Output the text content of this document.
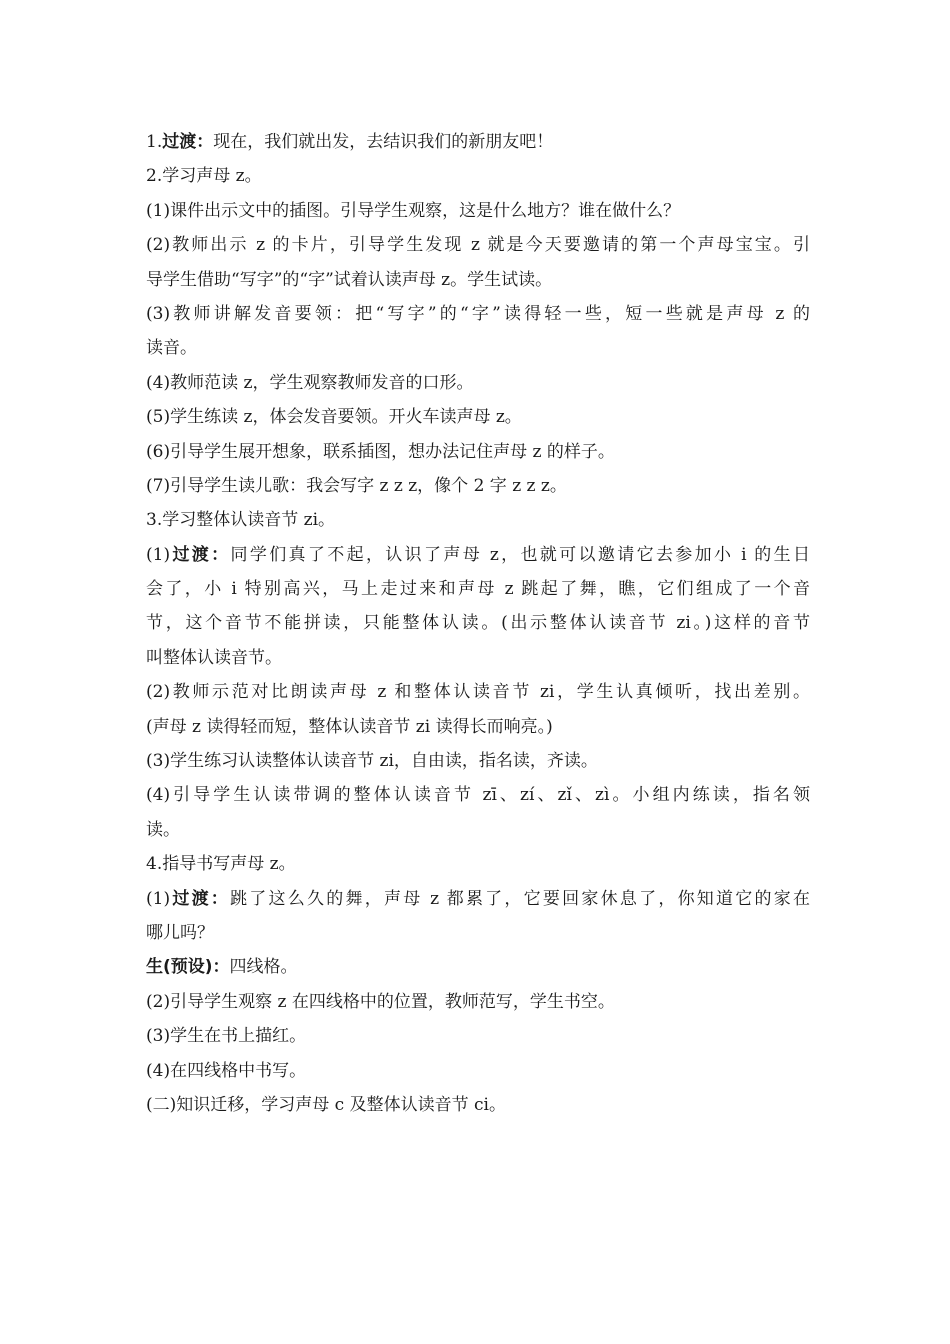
1.过渡：现在，我们就出发，去结识我们的新朋友吧！
2.学习声母 z。
(1)课件出示文中的插图。引导学生观察，这是什么地方？谁在做什么？
(2)教师出示 z 的卡片，引导学生发现 z 就是今天要邀请的第一个声母宝宝。引
导学生借助“写字”的“字”试着认读声母 z。学生试读。
(3)教师讲解发音要领：把“写字”的“字”读得轻一些，短一些就是声母 z 的
读音。
(4)教师范读 z，学生观察教师发音的口形。
(5)学生练读 z，体会发音要领。开火车读声母 z。
(6)引导学生展开想象，联系插图，想办法记住声母 z 的样子。
(7)引导学生读儿歌：我会写字 z z z，像个 2 字 z z z。
3.学习整体认读音节 zi。
(1)过渡：同学们真了不起，认识了声母 z，也就可以邀请它去参加小 i 的生日
会了，小 i 特别高兴，马上走过来和声母 z 跳起了舞，瞧，它们组成了一个音
节，这个音节不能拼读，只能整体认读。(出示整体认读音节 zi。)这样的音节
叫整体认读音节。
(2)教师示范对比朗读声母 z 和整体认读音节 zi，学生认真倾听，找出差别。
(声母 z 读得轻而短，整体认读音节 zi 读得长而响亮。)
(3)学生练习认读整体认读音节 zi，自由读，指名读，齐读。
(4)引导学生认读带调的整体认读音节 zī、zí、zǐ、zì。小组内练读，指名领
读。
4.指导书写声母 z。
(1)过渡：跳了这么久的舞，声母 z 都累了，它要回家休息了，你知道它的家在
哪儿吗？
生(预设)：四线格。
(2)引导学生观察 z 在四线格中的位置，教师范写，学生书空。
(3)学生在书上描红。
(4)在四线格中书写。
(二)知识迁移，学习声母 c 及整体认读音节 ci。
